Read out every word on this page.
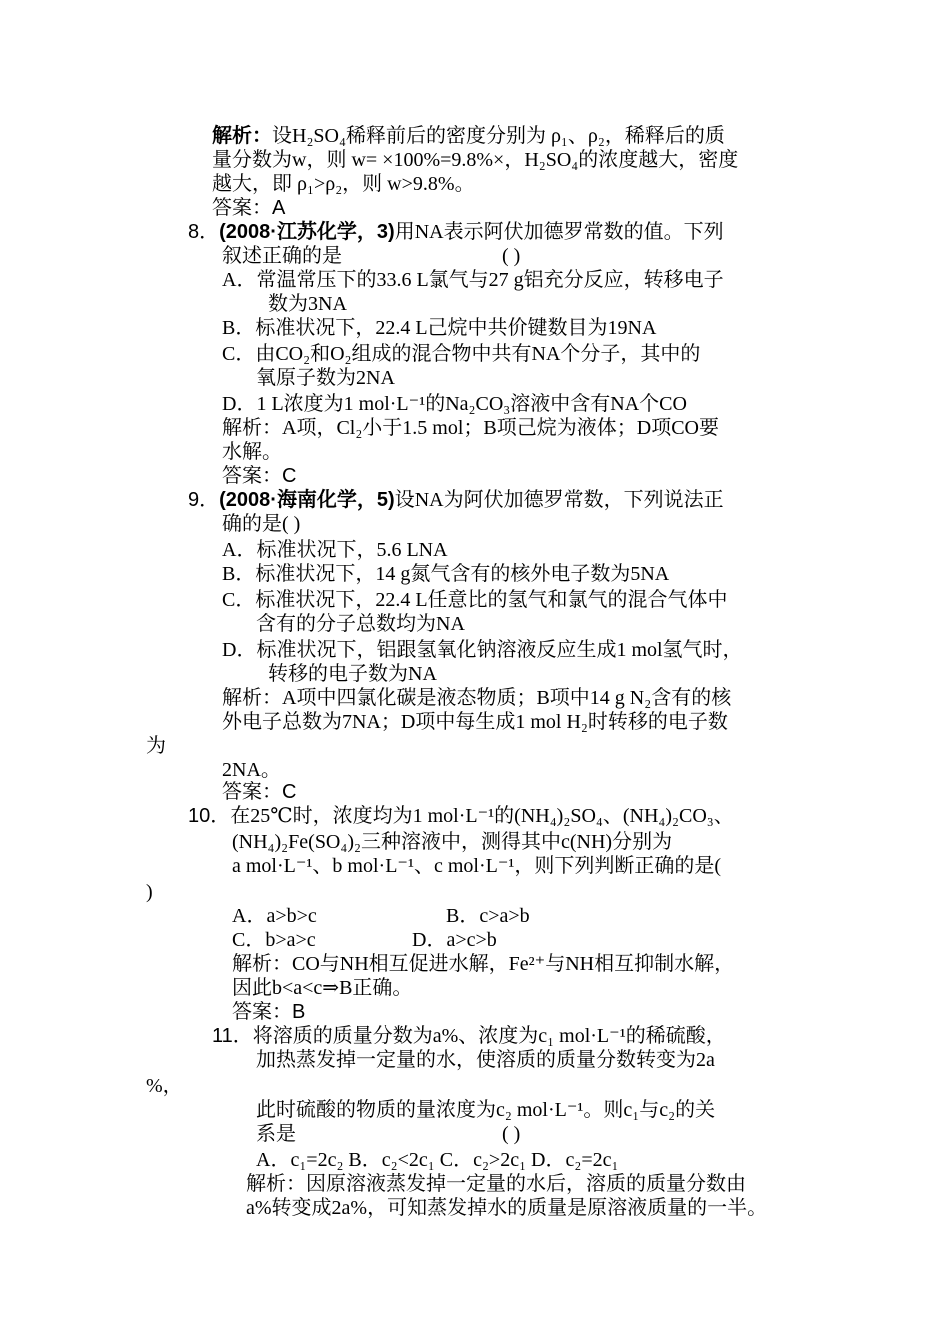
解析：设H₂SO₄稀释前后的密度分别为 ρ₁、ρ₂，稀释后的质
量分数为w，则 w= ×100%=9.8%×，H₂SO₄的浓度越大，密度
越大，即 ρ₁>ρ₂，则 w>9.8%。
答案：A
8．(2008·江苏化学，3)用NA表示阿伏加德罗常数的值。下列
叙述正确的是	( )
A．常温常压下的33.6 L氯气与27 g铝充分反应，转移电子
数为3NA
B．标准状况下，22.4 L己烷中共价键数目为19NA
C．由CO₂和O₂组成的混合物中共有NA个分子，其中的
氧原子数为2NA
D．1 L浓度为1 mol·L⁻¹的Na₂CO₃溶液中含有NA个CO
解析：A项，Cl₂小于1.5 mol；B项己烷为液体；D项CO要
水解。
答案：C
9．(2008·海南化学，5)设NA为阿伏加德罗常数，下列说法正
确的是( )
A．标准状况下，5.6 LNA
B．标准状况下，14 g氮气含有的核外电子数为5NA
C．标准状况下，22.4 L任意比的氢气和氯气的混合气体中
含有的分子总数均为NA
D．标准状况下，铝跟氢氧化钠溶液反应生成1 mol氢气时，
转移的电子数为NA
解析：A项中四氯化碳是液态物质；B项中14 g N₂含有的核
外电子总数为7NA；D项中每生成1 mol H₂时转移的电子数
为
2NA。
答案：C
10．在25℃时，浓度均为1 mol·L⁻¹的(NH₄)₂SO₄、(NH₄)₂CO₃、
(NH₄)₂Fe(SO₄)₂三种溶液中，测得其中c(NH)分别为
a mol·L⁻¹、b mol·L⁻¹、c mol·L⁻¹，则下列判断正确的是(
)
A．a>b>c	B．c>a>b
C．b>a>c	D．a>c>b
解析：CO与NH相互促进水解，Fe²⁺与NH相互抑制水解，
因此b<a<c⇒B正确。
答案：B
11．将溶质的质量分数为a%、浓度为c₁ mol·L⁻¹的稀硫酸，
加热蒸发掉一定量的水，使溶质的质量分数转变为2a
%，
此时硫酸的物质的量浓度为c₂ mol·L⁻¹。则c₁与c₂的关
系是	( )
A．c₁=2c₂ B．c₂<2c₁ C．c₂>2c₁ D．c₂=2c₁
解析：因原溶液蒸发掉一定量的水后，溶质的质量分数由
a%转变成2a%，可知蒸发掉水的质量是原溶液质量的一半。
